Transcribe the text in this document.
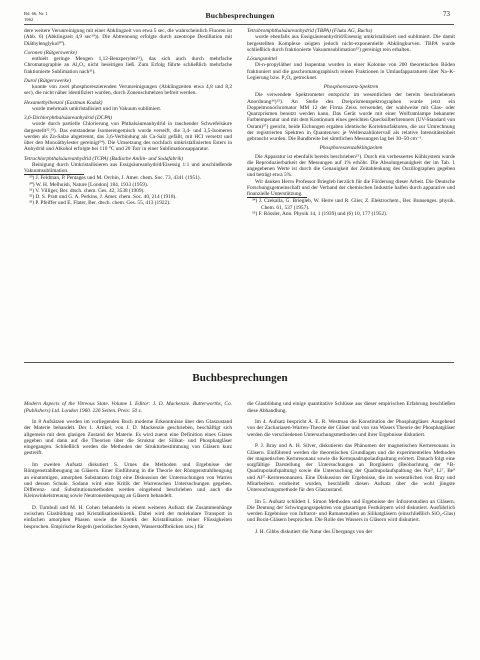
Bd. 66, Nr. 1
1962	Buchbesprechungen	73

dere weitere Verunreinigung mit einer Abklingzeit von etwa 5 sec, die wahrscheinlich Fluoren ist (Abb. 6) (Abklingzeit 4,9 sec¹⁹)). Die Abtrennung erfolgte durch azeotrope Destillation mit Diäthylenglykol³⁰).

Coronen (Rütgerswerke)

enthielt geringe Mengen 1,12-Benzperylen²¹), das sich auch durch mehrfache Chromatographie an Al₂O₃ nicht beseitigen ließ. Zum Erfolg führte schließlich mehrfache fraktionierte Sublimation nach³¹).

Durol (Rütgerswerke)

konnte von zwei phosphoreszierenden Verunreinigungen (Abklingzeiten etwa 4,8 und 8,2 sec), die nicht näher identifiziert wurden, durch Zonenschmelzen befreit werden.

Hexamethylbenzol (Eastman Kodak)

wurde mehrmals umkristallisiert und im Vakuum sublimiert.

3,6-Dichlorphthalsäureanhydrid (DCPA)

wurde durch partielle Chlorierung von Phthalsäureanhydrid in rauchender Schwefelsäure dargestellt³²,³³). Das entstandene Isomerengemisch wurde verseift, die 3,4- und 3,5-Isomeren werden als Zn-Salze abgetrennt, das 3,6-Verbindung als Ca-Salz gefällt, mit HCl versetzt und über den Monoäthylester gereinigt³⁴). Die Umsetzung des nochfach umkristallisierten Esters in Anhydrid und Alkohol erfolgte bei 110 °C und 20 Torr in einer Sublimationsapparatur.

Tetrachlorphthalsäureanhydrid (TCPA) (Badische Anilin- und Sodafabrik)

Reinigung durch Umkristallisieren aus Essigsäureanhydrid/Eisessig 1:1 und anschließende Vakuumsublimation.

²⁹) J. Feldman, P. Pentages und M. Orchin, J. Amer. chem. Soc. 73, 4341 (1951).
³⁰) W. H. Melhuish, Nature [London] 184, 1933 (1959).
³¹) V. Villiger, Ber. dtsch. chem. Ges. 42, 3538 (1909).
³²) D. S. Pratt und G. A. Perkins, J. Amer. chem. Soc. 40, 214 (1918).
³³) P. Pfeiffer und E. Flater, Ber. dtsch. chem. Ges. 55, 413 (1922).

Tetrabromphthalsäureanhydrid (TBPA) (Fluka AG, Buchs)

wurde ebenfalls aus Essigsäureanhydrid/Eisessig umkristallisiert und sublimiert. Die damit hergestellten Komplexe zeigten jedoch nicht-exponentielle Abklingkurven. TBPA wurde schließlich durch fraktionierte Vakuumsublimation³⁵) gereinigt rein erhalten.

Lösungsmittel

Di-n-propyläther und Isopentan wurden in einer Kolonne von 200 theoretischen Böden fraktioniert und die gaschromatographisch reinen Fraktionen in Umlaufapparaturen über Na–K-Legierung bzw. P₂O₅ getrocknet.

Phosphoreszenz-Spektren

Die verwendete Spektrometer entspricht im wesentlichen der bereits beschriebenen Anordnung³⁶)¹⁵). An Stelle des Dreiprismenspektrographen wurde jetzt ein Doppelmonochromator MM 12 der Firma Zeiss verwendet, der wahlweise mit Glas- oder Quarzprismen benutzt werden kann. Das Gerät wurde mit einer Wolframlampe bekannter Farbtemperatur und mit dem Kontinuum eines geeichten Quecksilberbrenners (UV-Standard von Osram)³⁷) geeicht, beide Eichungen ergaben identische Korrekturfaktoren, die zur Umrechnung der registrierten Spektren in Quanten/sec je Wellenzahlintervall als relative Intensitäteinheit gebraucht wurden. Die Bandbreite bei sämtlichen Messungen lag bei 30–50 cm⁻¹.

Phosphoreszenzabklingzeiten

Die Apparatur ist ebenfalls bereits beschrieben¹⁵). Durch ein verbessertes Kühlsystem wurde die Reproduzierbarkeit der Messungen auf 1% erhöht. Die Absolutgenauigkeit der im Tab. 1 angegebenen Werte ist durch die Genauigkeit der Zeitablenkung des Oszillographen gegeben und beträgt etwa 5%.

Wir danken Herrn Professor Briegleb herzlich für die Förderung dieser Arbeit. Die Deutsche Forschungsgemeinschaft und der Verband der chemischen Industrie halfen durch apparative und finanzielle Unterstützung.

³⁴) J. Czekalla, G. Briegleb, W. Herre und R. Glier, Z. Elektrochem., Ber. Bunsenges. physik. Chem. 61, 537 (1957).
³⁵) F. Rössler, Ann. Physik 14, 1 (1939) und (6) 10, 177 (1952).
Buchbesprechungen

Modern Aspects of the Vitreous State. Volume I. Editor: J. D. Mackenzie. Butterworths, Co. (Publishers) Ltd. London 1960. 226 Seiten. Preis: 50 s.

In 8 Aufsätzen werden im vorliegenden Buch moderne Erkenntnisse über den Glaszustand der Materie behandelt. Der 1. Artikel, von J. D. Mackenzie geschrieben, beschäftigt sich allgemein mit dem glasigen Zustand der Materie. Es wird zuerst eine Definition eines Glases gegeben und dann auf die Theorien über die Struktur der Silikat- und Phosphatgläser eingegangen. Schließlich werden die Methoden der Strukturbestimmung von Gläsern kurz gestreift.

Im zweiten Aufsatz diskutiert S. Urnes die Methoden und Ergebnisse der Röntgenstrahlbeugung an Gläsern. Einer Einführung in die Theorie der Röntgenstrahlbeugung an einatomigen, amorphen Substanzen folgt eine Diskussion der Untersuchungen von Warren und dessen Schule. Sodann wird eine Kritik der Warrenschen Untersuchungen gegeben. Differenz- und Substitutionsmethoden werden eingehend beschrieben und auch die Kleinwinkelstreuung sowie Neutronenbeugung an Gläsern behandelt.

D. Turnbull und M. H. Cohen behandeln in einem weiteren Aufsatz die Zusammenhänge zwischen Glasbildung und Kristallisationskinetik. Dabei wird der molekulare Transport in einfachen amorphen Phasen sowie die Kinetik der Kristallisation reiner Flüssigkeiten besprochen. Empirische Regeln (periodisches System, Wasserstoffbrücken usw.) für

die Glasbildung und einige quantitative Schlüsse aus dieser empirischen Erfahrung beschließen diese Abhandlung.

Im 4. Aufsatz bespricht A. E. R. Westman die Konstitution der Phosphatgläser. Ausgehend von der Zachariasen-Warren-Theorie der Gläser und von van Wasers Theorie der Phosphatgläser werden die verschiedenen Untersuchungsmethoden und ihrer Ergebnisse diskutiert.

P. J. Bray und A. H. Silver, diskutieren das Phänomen der magnetischen Kernresonanz in Gläsern. Einführend werden die theoretischen Grundlagen und die experimentellen Methoden der magnetischen Kernresonanz sowie die Kernquadrupolaufspaltung erörtert. Danach folgt eine sorgfältige Darstellung der Untersuchungen an Borgläsern (Beobachtung der ¹¹B-Quadrupolaufspaltung) sowie die Untersuchung der Quadrupolaufspaltung des Na²³, Li⁷, Be⁹ und Al²⁷-Kernresonanzen. Eine Diskussion der Ergebnisse, die im wesentlichen von Bray und Mitarbeitern erarbeitet wurden, beschließt diesen Aufsatz über die wohl jüngste Untersuchungsmethode für den Glaszustand.

Im 5. Aufsatz schildert I. Simon Methoden und Ergebnisse der Infrarotstudien an Gläsern. Die Deutung der Schwingungsspektren von glasartigen Festkörpern wird diskutiert. Ausführlich werden Ergebnisse von Infrarot- und Ramanstudien an Silikatgläsern (einschließlich SiO₂-Glas) und Borat-Gläsern besprochen. Die Rolle des Wassers in Gläsern wird diskutiert.

J. H. Gibbs diskutiert die Natur des Übergangs von der
